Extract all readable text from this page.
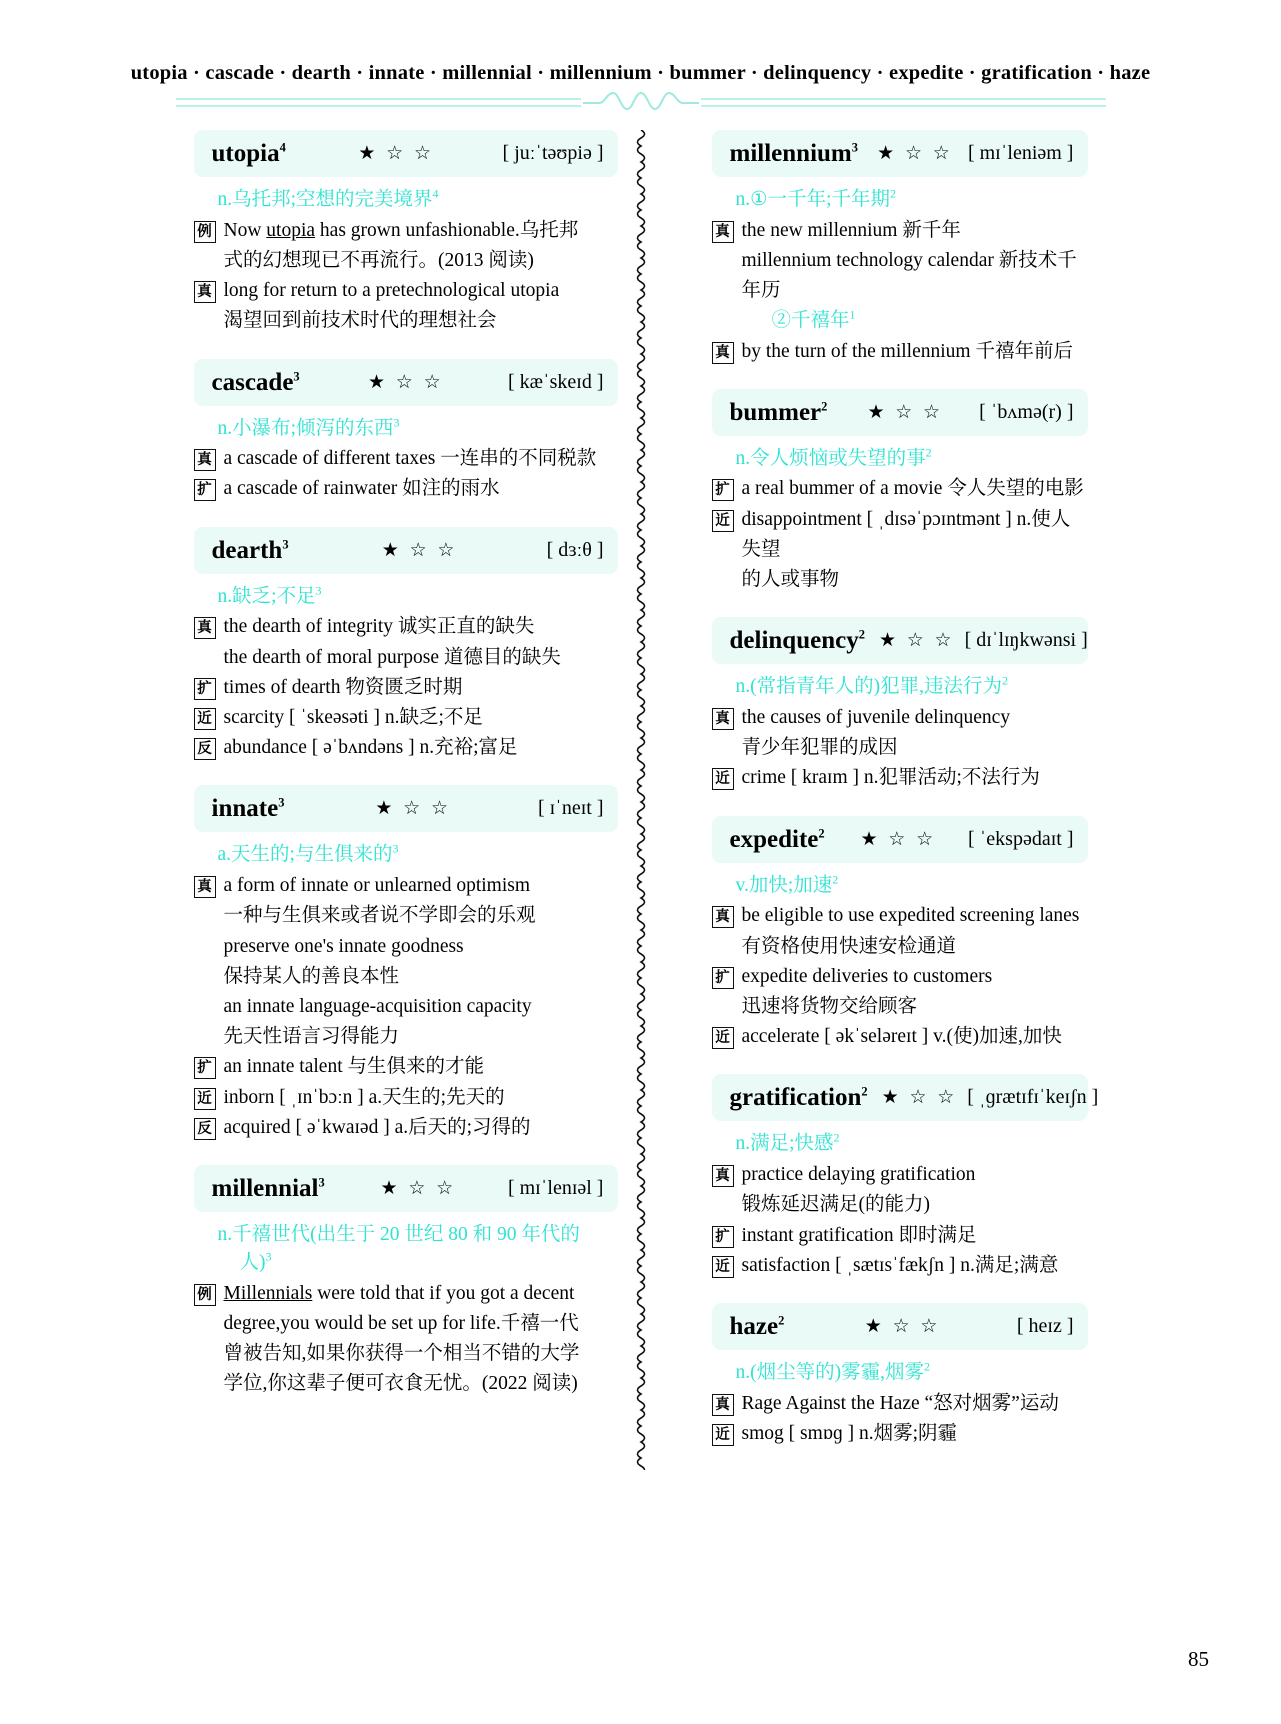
utopia · cascade · dearth · innate · millennial · millennium · bummer · delinquency · expedite · gratification · haze
utopia$^4$	★ ☆ ☆	[ juːˈtəʊpiə ]
n.乌托邦;空想的完美境界$^4$
例 Now utopia has grown unfashionable.乌托邦
式的幻想现已不再流行。(2013 阅读)
真 long for return to a pretechnological utopia
渴望回到前技术时代的理想社会
cascade$^3$	★ ☆ ☆	[ kæˈskeɪd ]
n.小瀑布;倾泻的东西$^3$
真 a cascade of different taxes 一连串的不同税款
扩 a cascade of rainwater 如注的雨水
dearth$^3$	★ ☆ ☆	[ dɜːθ ]
n.缺乏;不足$^3$
真 the dearth of integrity 诚实正直的缺失
the dearth of moral purpose 道德目的缺失
扩 times of dearth 物资匮乏时期
近 scarcity [ ˈskeəsəti ] n.缺乏;不足
反 abundance [ əˈbʌndəns ] n.充裕;富足
innate$^3$	★ ☆ ☆	[ ɪˈneɪt ]
a.天生的;与生俱来的$^3$
真 a form of innate or unlearned optimism
一种与生俱来或者说不学即会的乐观
preserve one's innate goodness
保持某人的善良本性
an innate language-acquisition capacity
先天性语言习得能力
扩 an innate talent 与生俱来的才能
近 inborn [ ˌɪnˈbɔːn ] a.天生的;先天的
反 acquired [ əˈkwaɪəd ] a.后天的;习得的
millennial$^3$	★ ☆ ☆	[ mɪˈlenɪəl ]
n.千禧世代(出生于 20 世纪 80 和 90 年代的
人)$^3$
例 Millennials were told that if you got a decent
degree,you would be set up for life.千禧一代
曾被告知,如果你获得一个相当不错的大学
学位,你这辈子便可衣食无忧。(2022 阅读)
millennium$^3$	★ ☆ ☆ [ mɪˈleniəm ]
n.①一千年;千年期$^2$
真 the new millennium 新千年
millennium technology calendar 新技术千年历
②千禧年$^1$
真 by the turn of the millennium 千禧年前后
bummer$^2$	★ ☆ ☆	[ ˈbʌmə(r) ]
n.令人烦恼或失望的事$^2$
扩 a real bummer of a movie 令人失望的电影
近 disappointment [ ˌdɪsəˈpɔɪntmənt ] n.使人失望
的人或事物
delinquency$^2$ ★ ☆ ☆ [ dɪˈlɪŋkwənsi ]
n.(常指青年人的)犯罪,违法行为$^2$
真 the causes of juvenile delinquency
青少年犯罪的成因
近 crime [ kraɪm ] n.犯罪活动;不法行为
expedite$^2$	★ ☆ ☆	[ ˈekspədaɪt ]
v.加快;加速$^2$
真 be eligible to use expedited screening lanes
有资格使用快速安检通道
扩 expedite deliveries to customers
迅速将货物交给顾客
近 accelerate [ əkˈseləreɪt ] v.(使)加速,加快
gratification$^2$ ★ ☆ ☆ [ ˌɡrætɪfɪˈkeɪʃn ]
n.满足;快感$^2$
真 practice delaying gratification
锻炼延迟满足(的能力)
扩 instant gratification 即时满足
近 satisfaction [ ˌsætɪsˈfækʃn ] n.满足;满意
haze$^2$	★ ☆ ☆	[ heɪz ]
n.(烟尘等的)雾霾,烟雾$^2$
真 Rage Against the Haze “怒对烟雾”运动
近 smog [ smɒɡ ] n.烟雾;阴霾
85
